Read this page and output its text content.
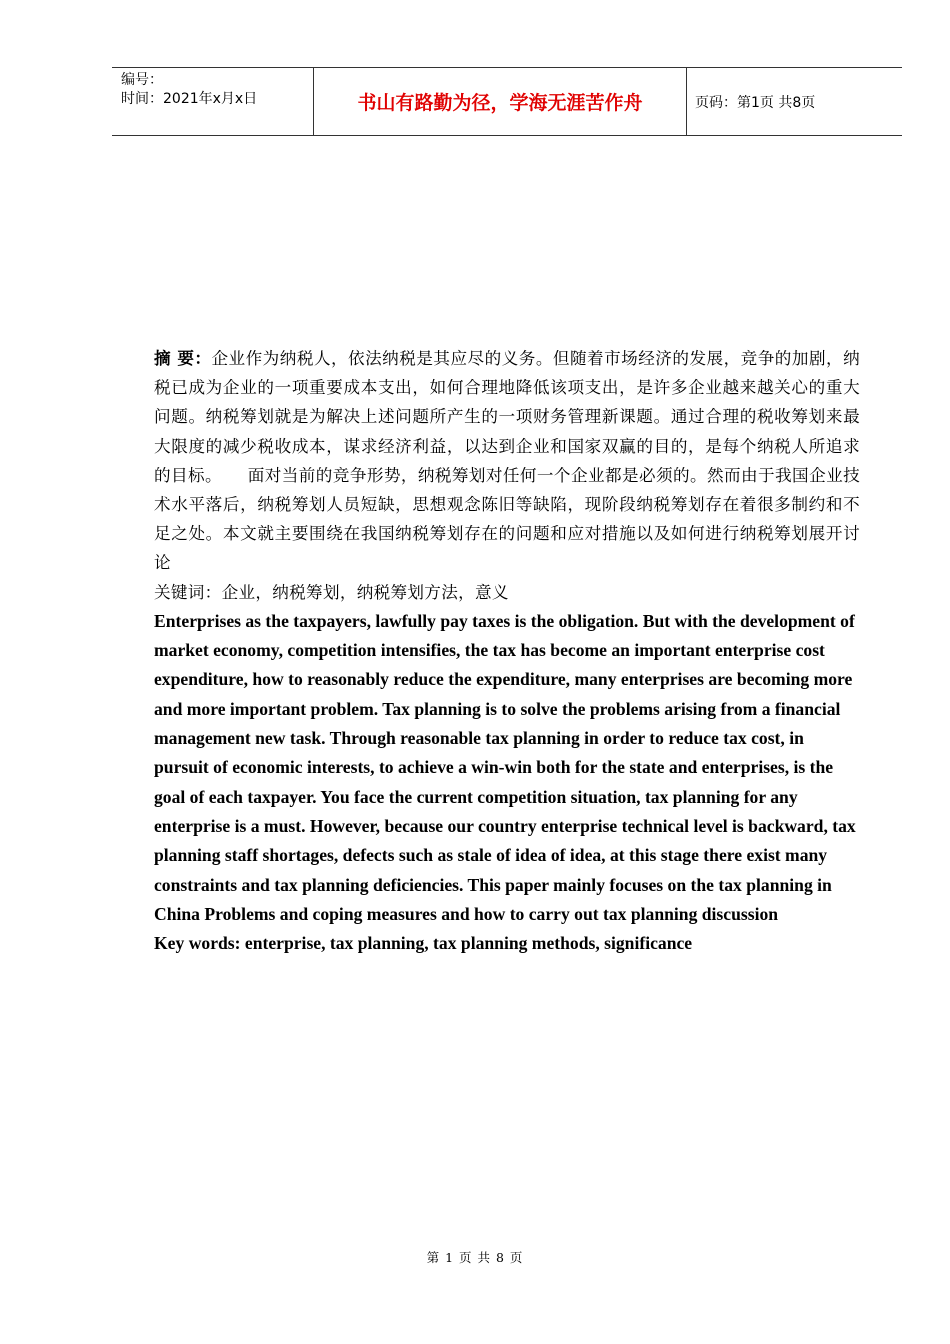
编号：
时间：2021年x月x日	书山有路勤为径，学海无涯苦作舟	页码：第1页 共8页

摘 要：企业作为纳税人，依法纳税是其应尽的义务。但随着市场经济的发展，竞争的加剧，纳税已成为企业的一项重要成本支出，如何合理地降低该项支出，是许多企业越来越关心的重大问题。纳税筹划就是为解决上述问题所产生的一项财务管理新课题。通过合理的税收筹划来最大限度的减少税收成本，谋求经济利益，以达到企业和国家双赢的目的，是每个纳税人所追求的目标。　　面对当前的竞争形势，纳税筹划对任何一个企业都是必须的。然而由于我国企业技术水平落后，纳税筹划人员短缺，思想观念陈旧等缺陷，现阶段纳税筹划存在着很多制约和不足之处。本文就主要围绕在我国纳税筹划存在的问题和应对措施以及如何进行纳税筹划展开讨论

关键词：企业，纳税筹划，纳税筹划方法，意义

Enterprises as the taxpayers, lawfully pay taxes is the obligation. But with the development of market economy, competition intensifies, the tax has become an important enterprise cost expenditure, how to reasonably reduce the expenditure, many enterprises are becoming more and more important problem. Tax planning is to solve the problems arising from a financial management new task. Through reasonable tax planning in order to reduce tax cost, in pursuit of economic interests, to achieve a win-win both for the state and enterprises, is the goal of each taxpayer. You face the current competition situation, tax planning for any enterprise is a must. However, because our country enterprise technical level is backward, tax planning staff shortages, defects such as stale of idea of idea, at this stage there exist many constraints and tax planning deficiencies. This paper mainly focuses on the tax planning in China Problems and coping measures and how to carry out tax planning discussion

Key words: enterprise, tax planning, tax planning methods, significance

第 1 页 共 8 页
